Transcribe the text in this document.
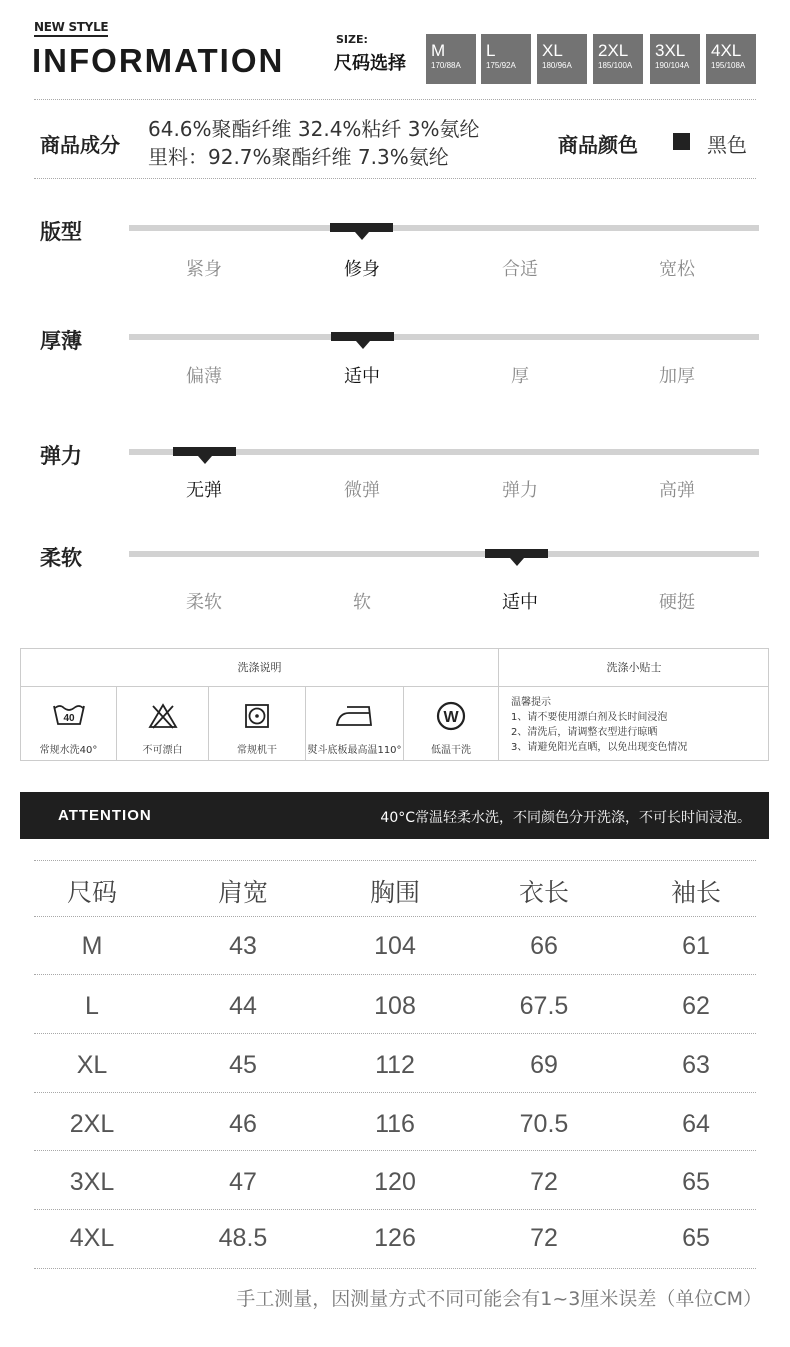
NEW STYLE
INFORMATION
SIZE:
尺码选择
M
170/88A
L
175/92A
XL
180/96A
2XL
185/100A
3XL
190/104A
4XL
195/108A
商品成分
64.6%聚酯纤维 32.4%粘纤 3%氨纶
里料：92.7%聚酯纤维 7.3%氨纶	商品颜色	黑色
版型
紧身	修身	合适	宽松
厚薄
偏薄	适中	厚	加厚
弹力
无弹	微弹	弹力	高弹
柔软
柔软	软	适中	硬挺
洗涤说明	洗涤小贴士
40
常规水洗40°	不可漂白	常规机干	熨斗底板最高温110°
W
低温干洗
温馨提示
1、请不要使用漂白剂及长时间浸泡
2、清洗后，请调整衣型进行晾晒
3、请避免阳光直晒，以免出现变色情况
ATTENTION	40°C常温轻柔水洗，不同颜色分开洗涤，不可长时间浸泡。
尺码	肩宽	胸围	衣长	袖长
M	43	104	66	61
L	44	108	67.5	62
XL	45	112	69	63
2XL	46	116	70.5	64
3XL	47	120	72	65
4XL	48.5	126	72	65
手工测量，因测量方式不同可能会有1~3厘米误差（单位CM）
